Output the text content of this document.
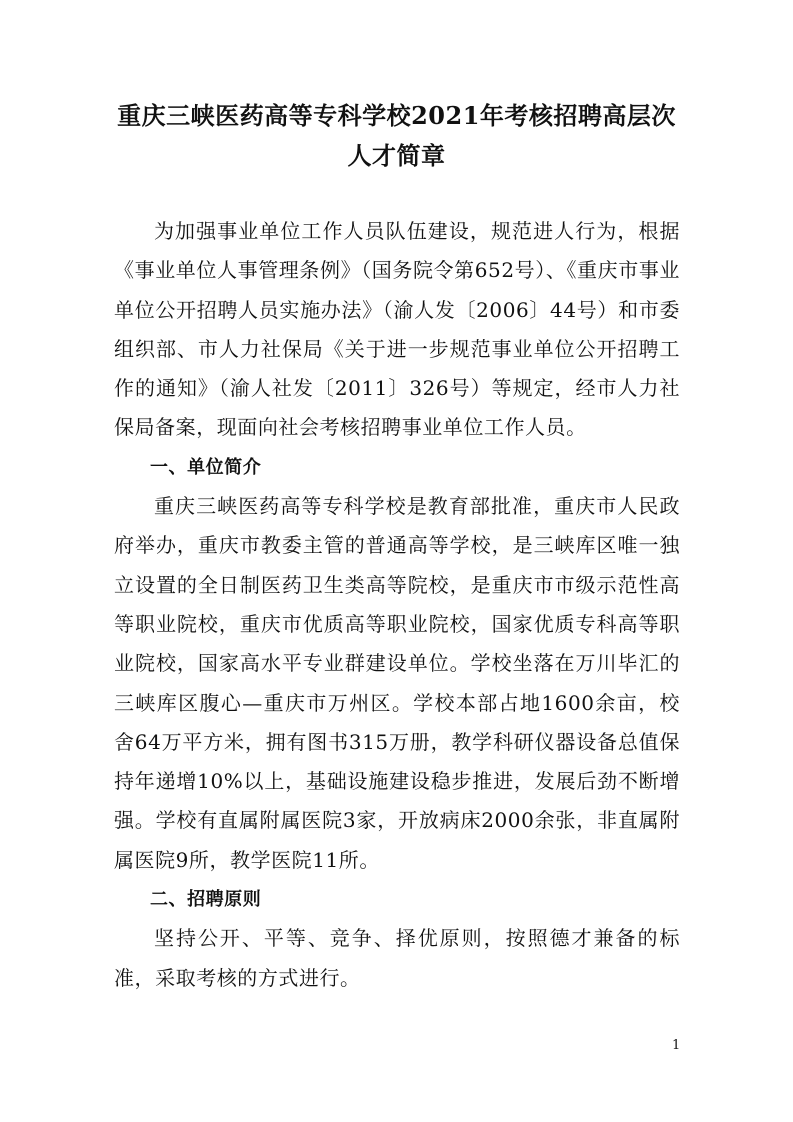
重庆三峡医药高等专科学校2021年考核招聘高层次
人才简章

为加强事业单位工作人员队伍建设，规范进人行为，根据《事业单位人事管理条例》（国务院令第652号）、《重庆市事业单位公开招聘人员实施办法》（渝人发〔2006〕44号）和市委组织部、市人力社保局《关于进一步规范事业单位公开招聘工作的通知》（渝人社发〔2011〕326号）等规定，经市人力社保局备案，现面向社会考核招聘事业单位工作人员。

一、单位简介

重庆三峡医药高等专科学校是教育部批准，重庆市人民政府举办，重庆市教委主管的普通高等学校，是三峡库区唯一独立设置的全日制医药卫生类高等院校，是重庆市市级示范性高等职业院校，重庆市优质高等职业院校，国家优质专科高等职业院校，国家高水平专业群建设单位。学校坐落在万川毕汇的三峡库区腹心—重庆市万州区。学校本部占地1600余亩，校舍64万平方米，拥有图书315万册，教学科研仪器设备总值保持年递增10%以上，基础设施建设稳步推进，发展后劲不断增强。学校有直属附属医院3家，开放病床2000余张，非直属附属医院9所，教学医院11所。

二、招聘原则

坚持公开、平等、竞争、择优原则，按照德才兼备的标准，采取考核的方式进行。

1
